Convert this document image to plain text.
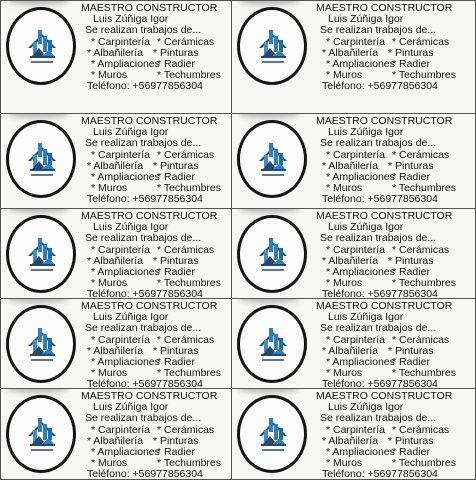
MAESTRO CONSTRUCTOR
Luis Zúñiga Igor
Se realizan trabajos de...
* Carpintería * Cerámicas
* Albañilería * Pinturas
* Ampliaciones
* Radier
* Muros	* Techumbres
Teléfono: +56977856304
MAESTRO CONSTRUCTOR
Luis Zúñiga Igor
Se realizan trabajos de...
* Carpintería * Cerámicas
* Albañilería * Pinturas
* Ampliaciones
* Radier
* Muros	* Techumbres
Teléfono: +56977856304
MAESTRO CONSTRUCTOR
Luis Zúñiga Igor
Se realizan trabajos de...
* Carpintería * Cerámicas
* Albañilería * Pinturas
* Ampliaciones
* Radier
* Muros	* Techumbres
Teléfono: +56977856304
MAESTRO CONSTRUCTOR
Luis Zúñiga Igor
Se realizan trabajos de...
* Carpintería * Cerámicas
* Albañilería * Pinturas
* Ampliaciones
* Radier
* Muros	* Techumbres
Teléfono: +56977856304
MAESTRO CONSTRUCTOR
Luis Zúñiga Igor
Se realizan trabajos de...
* Carpintería * Cerámicas
* Albañilería * Pinturas
* Ampliaciones
* Radier
* Muros	* Techumbres
Teléfono: +56977856304
MAESTRO CONSTRUCTOR
Luis Zúñiga Igor
Se realizan trabajos de...
* Carpintería * Cerámicas
* Albañilería * Pinturas
* Ampliaciones
* Radier
* Muros	* Techumbres
Teléfono: +56977856304
MAESTRO CONSTRUCTOR
Luis Zúñiga Igor
Se realizan trabajos de...
* Carpintería * Cerámicas
* Albañilería * Pinturas
* Ampliaciones
* Radier
* Muros	* Techumbres
Teléfono: +56977856304
MAESTRO CONSTRUCTOR
Luis Zúñiga Igor
Se realizan trabajos de...
* Carpintería * Cerámicas
* Albañilería * Pinturas
* Ampliaciones
* Radier
* Muros	* Techumbres
Teléfono: +56977856304
MAESTRO CONSTRUCTOR
Luis Zúñiga Igor
Se realizan trabajos de...
* Carpintería * Cerámicas
* Albañilería * Pinturas
* Ampliaciones
* Radier
* Muros	* Techumbres
Teléfono: +56977856304
MAESTRO CONSTRUCTOR
Luis Zúñiga Igor
Se realizan trabajos de...
* Carpintería * Cerámicas
* Albañilería * Pinturas
* Ampliaciones
* Radier
* Muros	* Techumbres
Teléfono: +56977856304
